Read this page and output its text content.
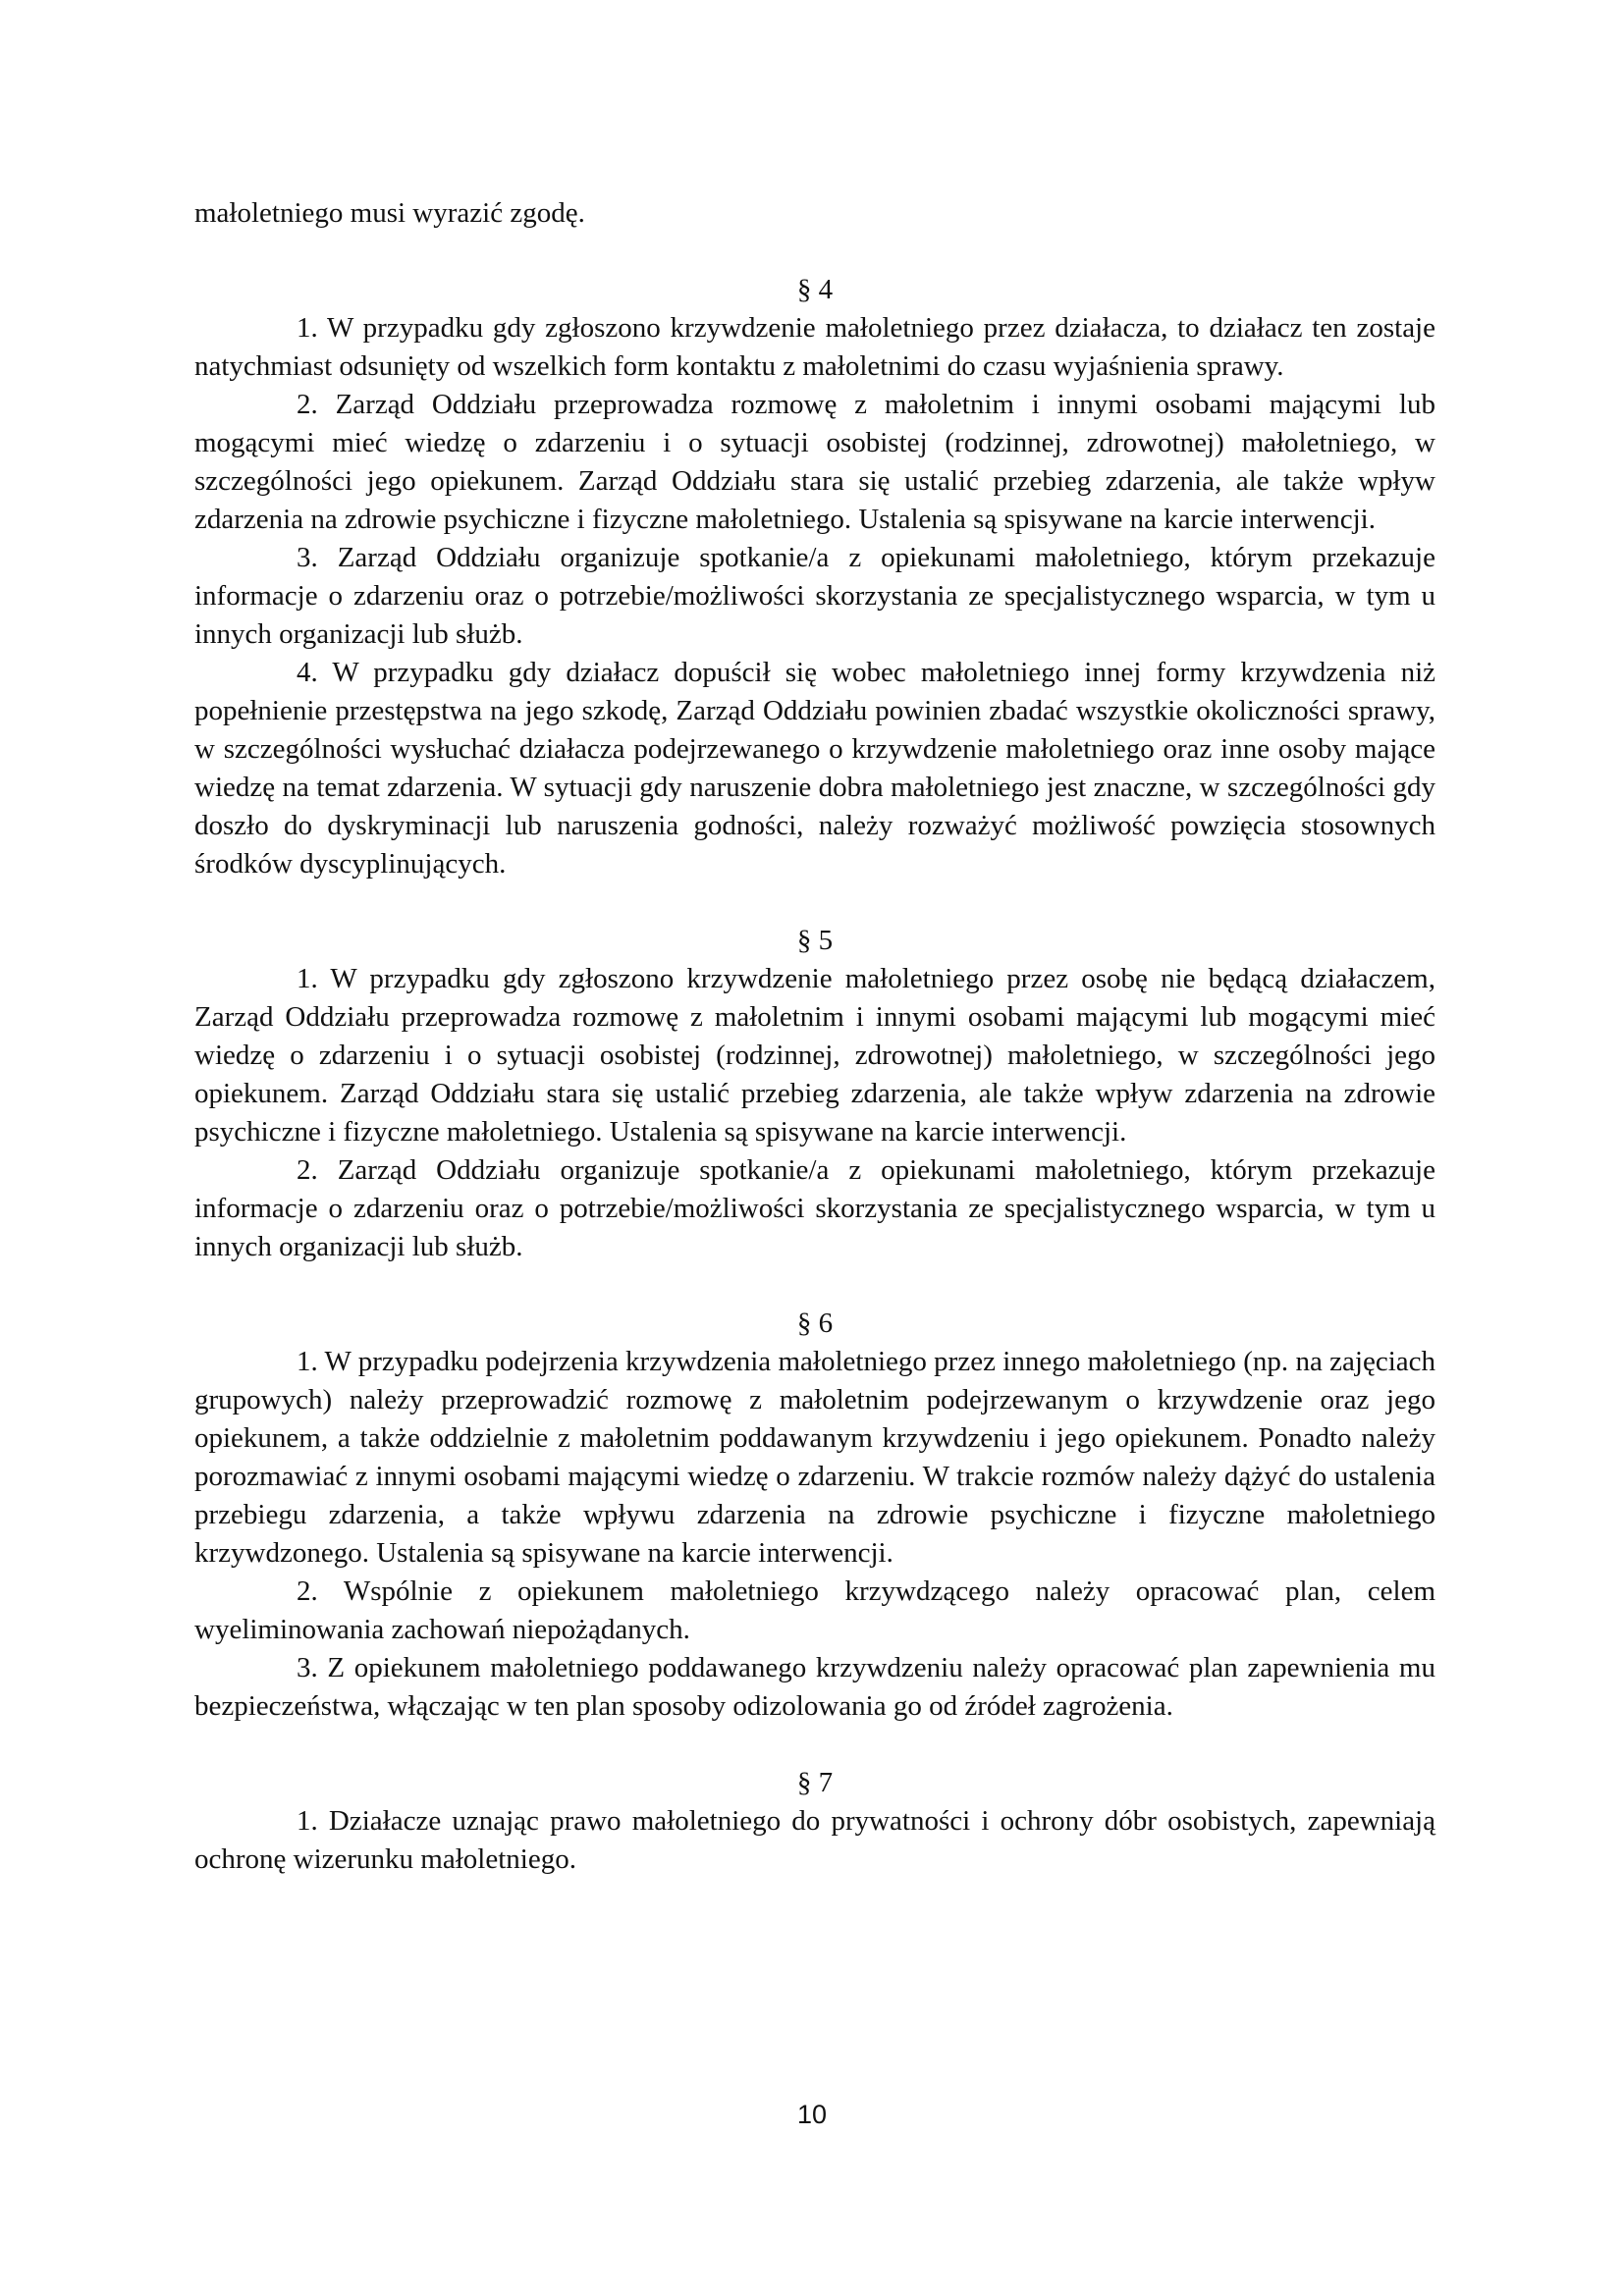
małoletniego musi wyrazić zgodę.

§ 4

1. W przypadku gdy zgłoszono krzywdzenie małoletniego przez działacza, to działacz ten zostaje natychmiast odsunięty od wszelkich form kontaktu z małoletnimi do czasu wyjaśnienia sprawy.

2. Zarząd Oddziału przeprowadza rozmowę z małoletnim i innymi osobami mającymi lub mogącymi mieć wiedzę o zdarzeniu i o sytuacji osobistej (rodzinnej, zdrowotnej) małoletniego, w szczególności jego opiekunem. Zarząd Oddziału stara się ustalić przebieg zdarzenia, ale także wpływ zdarzenia na zdrowie psychiczne i fizyczne małoletniego. Ustalenia są spisywane na karcie interwencji.

3. Zarząd Oddziału organizuje spotkanie/a z opiekunami małoletniego, którym przekazuje informacje o zdarzeniu oraz o potrzebie/możliwości skorzystania ze specjalistycznego wsparcia, w tym u innych organizacji lub służb.

4. W przypadku gdy działacz dopuścił się wobec małoletniego innej formy krzywdzenia niż popełnienie przestępstwa na jego szkodę, Zarząd Oddziału powinien zbadać wszystkie okoliczności sprawy, w szczególności wysłuchać działacza podejrzewanego o krzywdzenie małoletniego oraz inne osoby mające wiedzę na temat zdarzenia. W sytuacji gdy naruszenie dobra małoletniego jest znaczne, w szczególności gdy doszło do dyskryminacji lub naruszenia godności, należy rozważyć możliwość powzięcia stosownych środków dyscyplinujących.

§ 5

1. W przypadku gdy zgłoszono krzywdzenie małoletniego przez osobę nie będącą działaczem, Zarząd Oddziału przeprowadza rozmowę z małoletnim i innymi osobami mającymi lub mogącymi mieć wiedzę o zdarzeniu i o sytuacji osobistej (rodzinnej, zdrowotnej) małoletniego, w szczególności jego opiekunem. Zarząd Oddziału stara się ustalić przebieg zdarzenia, ale także wpływ zdarzenia na zdrowie psychiczne i fizyczne małoletniego. Ustalenia są spisywane na karcie interwencji.

2. Zarząd Oddziału organizuje spotkanie/a z opiekunami małoletniego, którym przekazuje informacje o zdarzeniu oraz o potrzebie/możliwości skorzystania ze specjalistycznego wsparcia, w tym u innych organizacji lub służb.

§ 6

1. W przypadku podejrzenia krzywdzenia małoletniego przez innego małoletniego (np. na zajęciach grupowych) należy przeprowadzić rozmowę z małoletnim podejrzewanym o krzywdzenie oraz jego opiekunem, a także oddzielnie z małoletnim poddawanym krzywdzeniu i jego opiekunem. Ponadto należy porozmawiać z innymi osobami mającymi wiedzę o zdarzeniu. W trakcie rozmów należy dążyć do ustalenia przebiegu zdarzenia, a także wpływu zdarzenia na zdrowie psychiczne i fizyczne małoletniego krzywdzonego. Ustalenia są spisywane na karcie interwencji.

2. Wspólnie z opiekunem małoletniego krzywdzącego należy opracować plan, celem wyeliminowania zachowań niepożądanych.

3. Z opiekunem małoletniego poddawanego krzywdzeniu należy opracować plan zapewnienia mu bezpieczeństwa, włączając w ten plan sposoby odizolowania go od źródeł zagrożenia.

§ 7

1. Działacze uznając prawo małoletniego do prywatności i ochrony dóbr osobistych, zapewniają ochronę wizerunku małoletniego.

10
